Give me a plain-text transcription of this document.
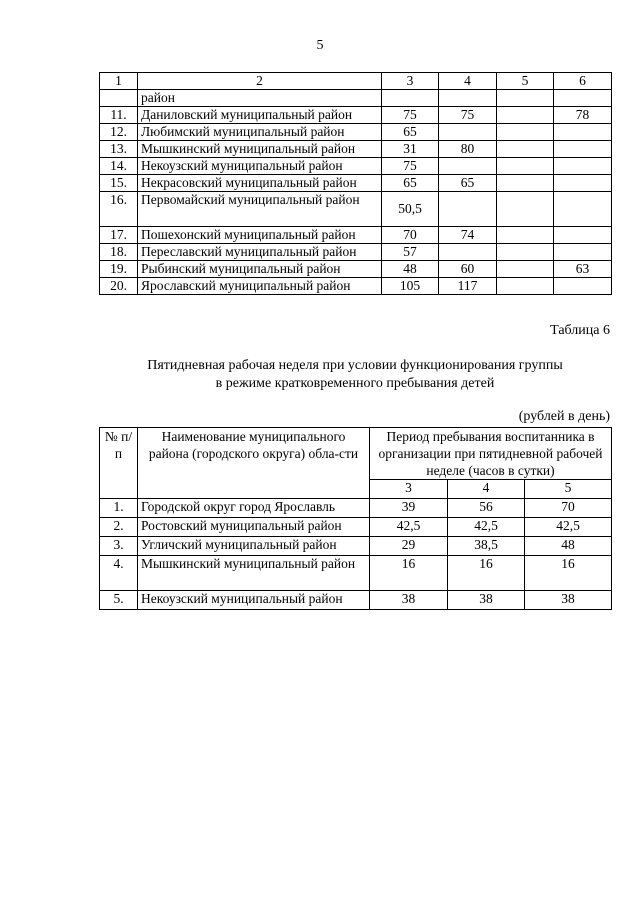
5
1	2	3	4	5	6
	район				
11.	Даниловский муниципальный район	75	75		78
12.	Любимский муниципальный район	65			
13.	Мышкинский муниципальный район	31	80		
14.	Некоузский муниципальный район	75			
15.	Некрасовский муниципальный район	65	65		
16.	Первомайский муниципальный район	50,5			
17.	Пошехонский муниципальный район	70	74		
18.	Переславский муниципальный район	57			
19.	Рыбинский муниципальный район	48	60		63
20.	Ярославский муниципальный район	105	117		
Таблица 6
Пятидневная рабочая неделя при условии функционирования группы
в режиме кратковременного пребывания детей
(рублей в день)
№ п/п	Наименование муниципального района (городского округа) обла-сти	Период пребывания воспитанника в организации при пятидневной рабочей неделе (часов в сутки)		
		3	4	5
1.	Городской округ город Ярославль	39	56	70
2.	Ростовский муниципальный район	42,5	42,5	42,5
3.	Угличский муниципальный район	29	38,5	48
4.	Мышкинский муниципальный район	16	16	16
5.	Некоузский муниципальный район	38	38	38
